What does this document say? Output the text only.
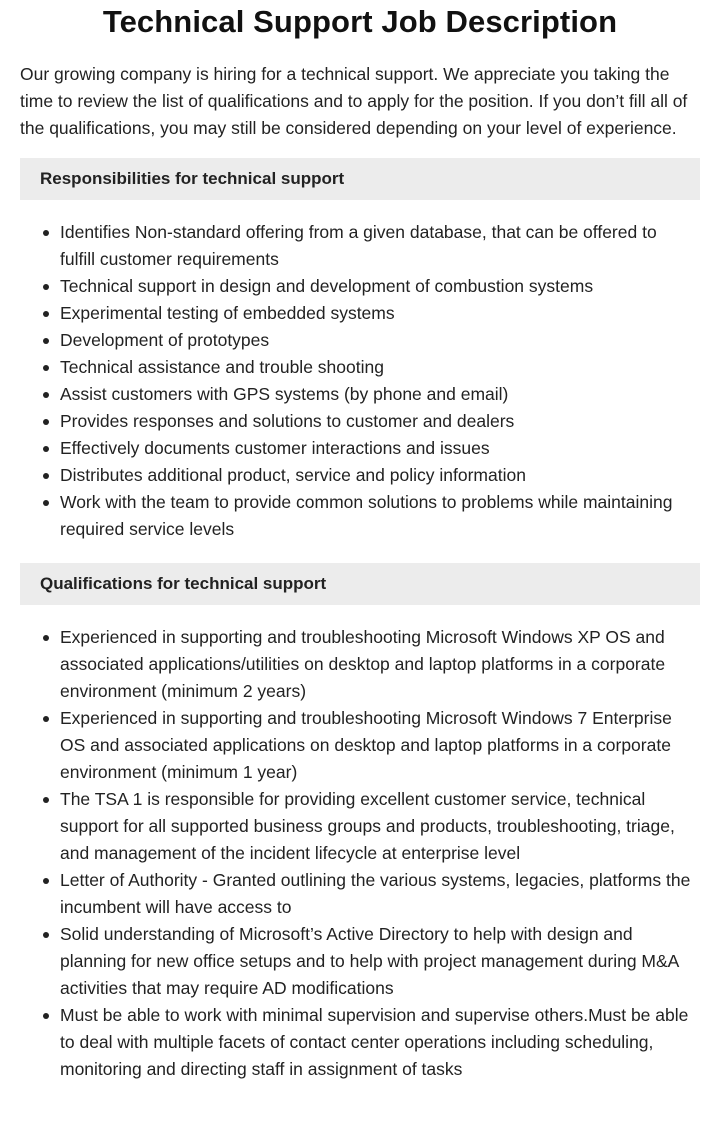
Technical Support Job Description

Our growing company is hiring for a technical support. We appreciate you taking the time to review the list of qualifications and to apply for the position. If you don’t fill all of the qualifications, you may still be considered depending on your level of experience.

Responsibilities for technical support
Identifies Non-standard offering from a given database, that can be offered to fulfill customer requirements
Technical support in design and development of combustion systems
Experimental testing of embedded systems
Development of prototypes
Technical assistance and trouble shooting
Assist customers with GPS systems (by phone and email)
Provides responses and solutions to customer and dealers
Effectively documents customer interactions and issues
Distributes additional product, service and policy information
Work with the team to provide common solutions to problems while maintaining required service levels
Qualifications for technical support
Experienced in supporting and troubleshooting Microsoft Windows XP OS and associated applications/utilities on desktop and laptop platforms in a corporate environment (minimum 2 years)
Experienced in supporting and troubleshooting Microsoft Windows 7 Enterprise OS and associated applications on desktop and laptop platforms in a corporate environment (minimum 1 year)
The TSA 1 is responsible for providing excellent customer service, technical support for all supported business groups and products, troubleshooting, triage, and management of the incident lifecycle at enterprise level
Letter of Authority - Granted outlining the various systems, legacies, platforms the incumbent will have access to
Solid understanding of Microsoft’s Active Directory to help with design and planning for new office setups and to help with project management during M&A activities that may require AD modifications
Must be able to work with minimal supervision and supervise others.Must be able to deal with multiple facets of contact center operations including scheduling, monitoring and directing staff in assignment of tasks
